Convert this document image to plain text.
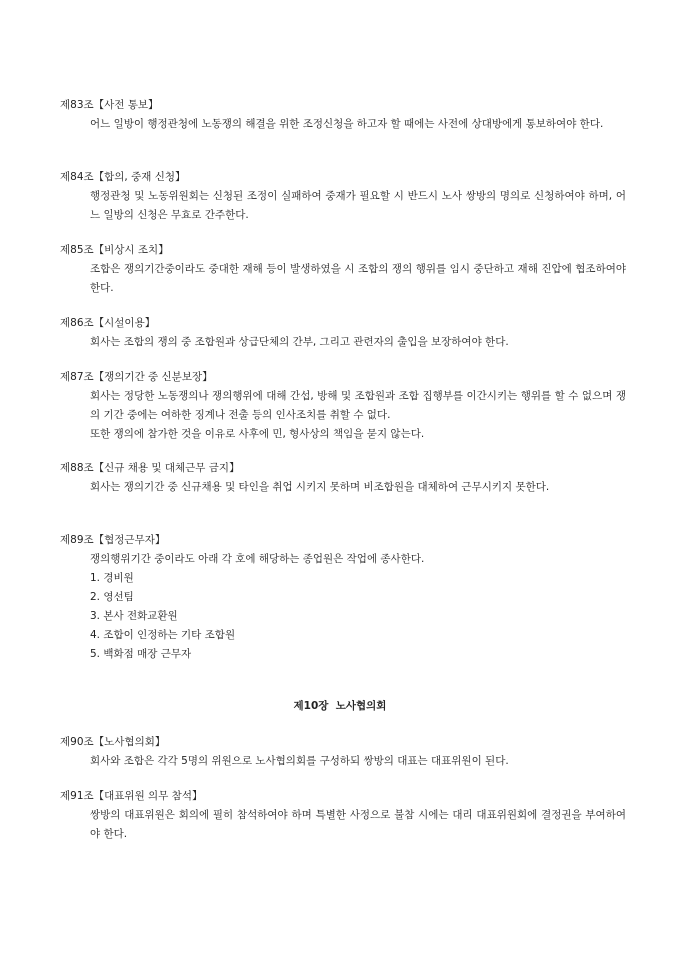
제83조【사전 통보】

어느 일방이 행정관청에 노동쟁의 해결을 위한 조정신청을 하고자 할 때에는 사전에 상대방에게 통보하여야 한다.

제84조【합의, 중재 신청】

행정관청 및 노동위원회는 신청된 조정이 실패하여 중재가 필요할 시 반드시 노사 쌍방의 명의로 신청하여야 하며, 어느 일방의 신청은 무효로 간주한다.

제85조【비상시 조치】

조합은 쟁의기간중이라도 중대한 재해 등이 발생하였을 시 조합의 쟁의 행위를 임시 중단하고 재해 진압에 협조하여야 한다.

제86조【시설이용】

회사는 조합의 쟁의 중 조합원과 상급단체의 간부, 그리고 관련자의 출입을 보장하여야 한다.

제87조【쟁의기간 중 신분보장】

회사는 정당한 노동쟁의나 쟁의행위에 대해 간섭, 방해 및 조합원과 조합 집행부를 이간시키는 행위를 할 수 없으며 쟁의 기간 중에는 여하한 징계나 전출 등의 인사조치를 취할 수 없다.

또한 쟁의에 참가한 것을 이유로 사후에 민, 형사상의 책임을 묻지 않는다.

제88조【신규 채용 및 대체근무 금지】

회사는 쟁의기간 중 신규채용 및 타인을 취업 시키지 못하며 비조합원을 대체하여 근무시키지 못한다.

제89조【협정근무자】

쟁의행위기간 중이라도 아래 각 호에 해당하는 종업원은 작업에 종사한다.

1. 경비원
2. 영선팀
3. 본사 전화교환원
4. 조합이 인정하는 기타 조합원
5. 백화점 매장 근무자
제10장  노사협의회
제90조【노사협의회】

회사와 조합은 각각 5명의 위원으로 노사협의회를 구성하되 쌍방의 대표는 대표위원이 된다.

제91조【대표위원 의무 참석】

쌍방의 대표위원은 회의에 필히 참석하여야 하며 특별한 사정으로 불참 시에는 대리 대표위원회에 결정권을 부여하여야 한다.
